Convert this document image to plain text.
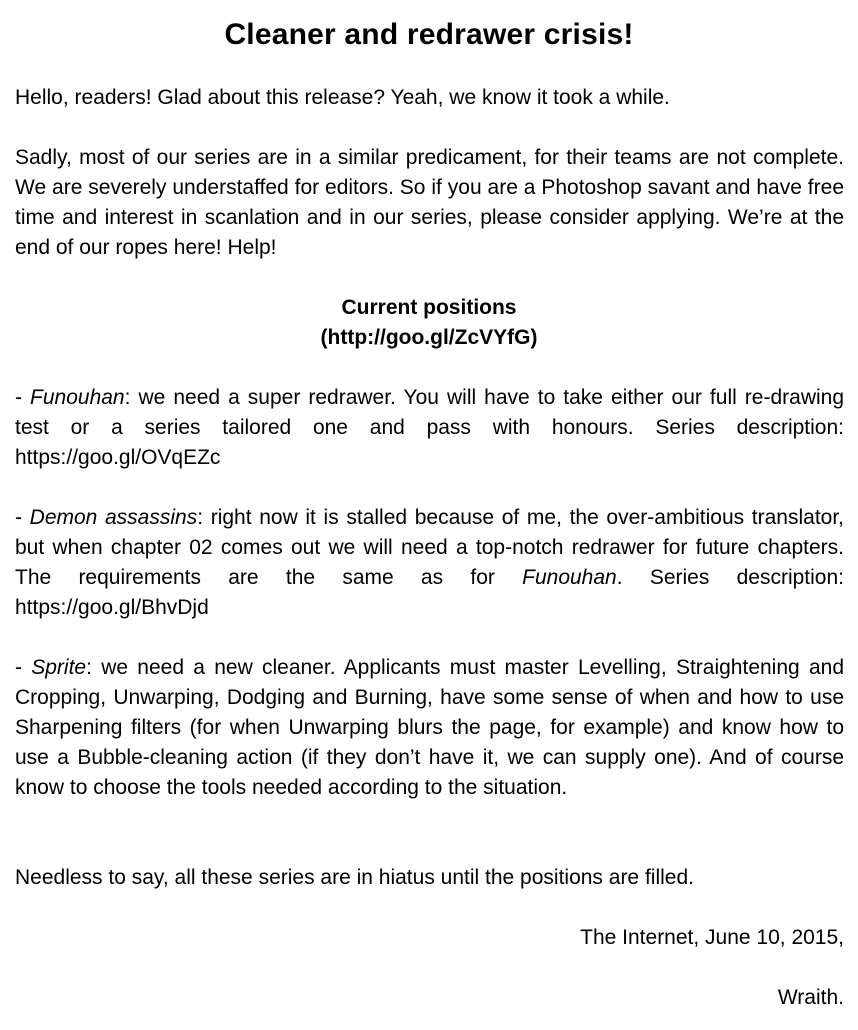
Cleaner and redrawer crisis!

Hello, readers! Glad about this release? Yeah, we know it took a while.

Sadly, most of our series are in a similar predicament, for their teams are not complete. We are severely understaffed for editors. So if you are a Photoshop savant and have free time and interest in scanlation and in our series, please consider applying. We’re at the end of our ropes here! Help!

Current positions
(http://goo.gl/ZcVYfG)

- Funouhan: we need a super redrawer. You will have to take either our full re-drawing test or a series tailored one and pass with honours. Series description: https://goo.gl/OVqEZc

- Demon assassins: right now it is stalled because of me, the over-ambitious translator, but when chapter 02 comes out we will need a top-notch redrawer for future chapters. The requirements are the same as for Funouhan. Series description: https://goo.gl/BhvDjd

- Sprite: we need a new cleaner. Applicants must master Levelling, Straightening and Cropping, Unwarping, Dodging and Burning, have some sense of when and how to use Sharpening filters (for when Unwarping blurs the page, for example) and know how to use a Bubble-cleaning action (if they don’t have it, we can supply one). And of course know to choose the tools needed according to the situation.

Needless to say, all these series are in hiatus until the positions are filled.

The Internet, June 10, 2015,
Wraith.
